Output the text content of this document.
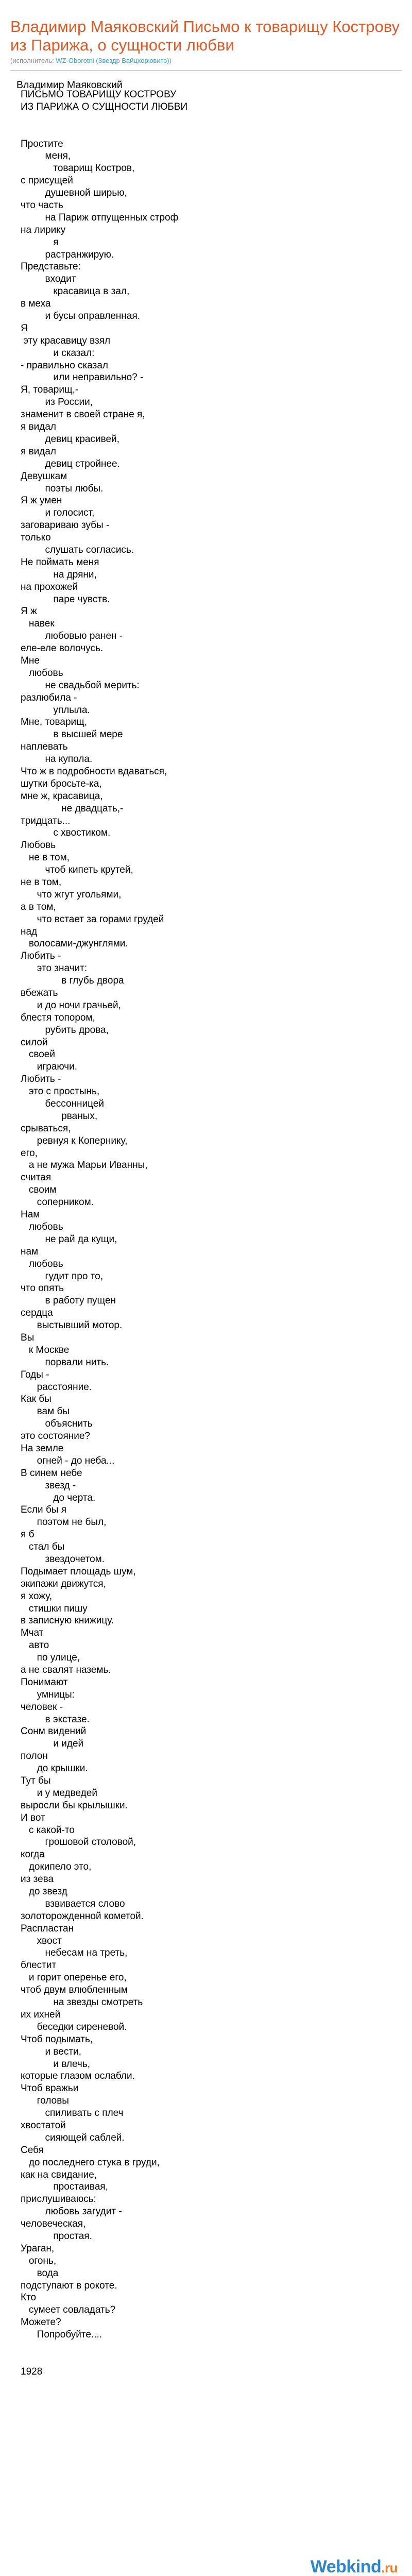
Владимир Маяковский Письмо к товарищу Кострову из Парижа, о сущности любви
(исполнитель: WZ-Oborotni (Звездр Вайцхорювитэ))
Владимир Маяковский
ПИСЬМО ТОВАРИЩУ КОСТРОВУ
ИЗ ПАРИЖА О СУЩНОСТИ ЛЮБВИ
Простите
меня,
товарищ Костров,
с присущей
душевной ширью,
что часть
на Париж отпущенных строф
на лирику
я
растранжирую.
Представьте:
входит
красавица в зал,
в меха
и бусы оправленная.
Я
эту красавицу взял
и сказал:
- правильно сказал
или неправильно? -
Я, товарищ,-
из России,
знаменит в своей стране я,
я видал
девиц красивей,
я видал
девиц стройнее.
Девушкам
поэты любы.
Я ж умен
и голосист,
заговариваю зубы -
только
слушать согласись.
Не поймать меня
на дряни,
на прохожей
паре чувств.
Я ж
навек
любовью ранен -
еле-еле волочусь.
Мне
любовь
не свадьбой мерить:
разлюбила -
уплыла.
Мне, товарищ,
в высшей мере
наплевать
на купола.
Что ж в подробности вдаваться,
шутки бросьте-ка,
мне ж, красавица,
не двадцать,-
тридцать...
с хвостиком.
Любовь
не в том,
чтоб кипеть крутей,
не в том,
что жгут угольями,
а в том,
что встает за горами грудей
над
волосами-джунглями.
Любить -
это значит:
в глубь двора
вбежать
и до ночи грачьей,
блестя топором,
рубить дрова,
силой
своей
играючи.
Любить -
это с простынь,
бессонницей
рваных,
срываться,
ревнуя к Копернику,
его,
а не мужа Марьи Иванны,
считая
своим
соперником.
Нам
любовь
не рай да кущи,
нам
любовь
гудит про то,
что опять
в работу пущен
сердца
выстывший мотор.
Вы
к Москве
порвали нить.
Годы -
расстояние.
Как бы
вам бы
объяснить
это состояние?
На земле
огней - до неба...
В синем небе
звезд -
до черта.
Если бы я
поэтом не был,
я б
стал бы
звездочетом.
Подымает площадь шум,
экипажи движутся,
я хожу,
стишки пишу
в записную книжицу.
Мчат
авто
по улице,
а не свалят наземь.
Понимают
умницы:
человек -
в экстазе.
Сонм видений
и идей
полон
до крышки.
Тут бы
и у медведей
выросли бы крылышки.
И вот
с какой-то
грошовой столовой,
когда
докипело это,
из зева
до звезд
взвивается слово
золоторожденной кометой.
Распластан
хвост
небесам на треть,
блестит
и горит оперенье его,
чтоб двум влюбленным
на звезды смотреть
их ихней
беседки сиреневой.
Чтоб подымать,
и вести,
и влечь,
которые глазом ослабли.
Чтоб вражьи
головы
спиливать с плеч
хвостатой
сияющей саблей.
Себя
до последнего стука в груди,
как на свидание,
простаивая,
прислушиваюсь:
любовь загудит -
человеческая,
простая.
Ураган,
огонь,
вода
подступают в рокоте.
Кто
сумеет совладать?
Можете?
Попробуйте....
1928
Webkind.ru
